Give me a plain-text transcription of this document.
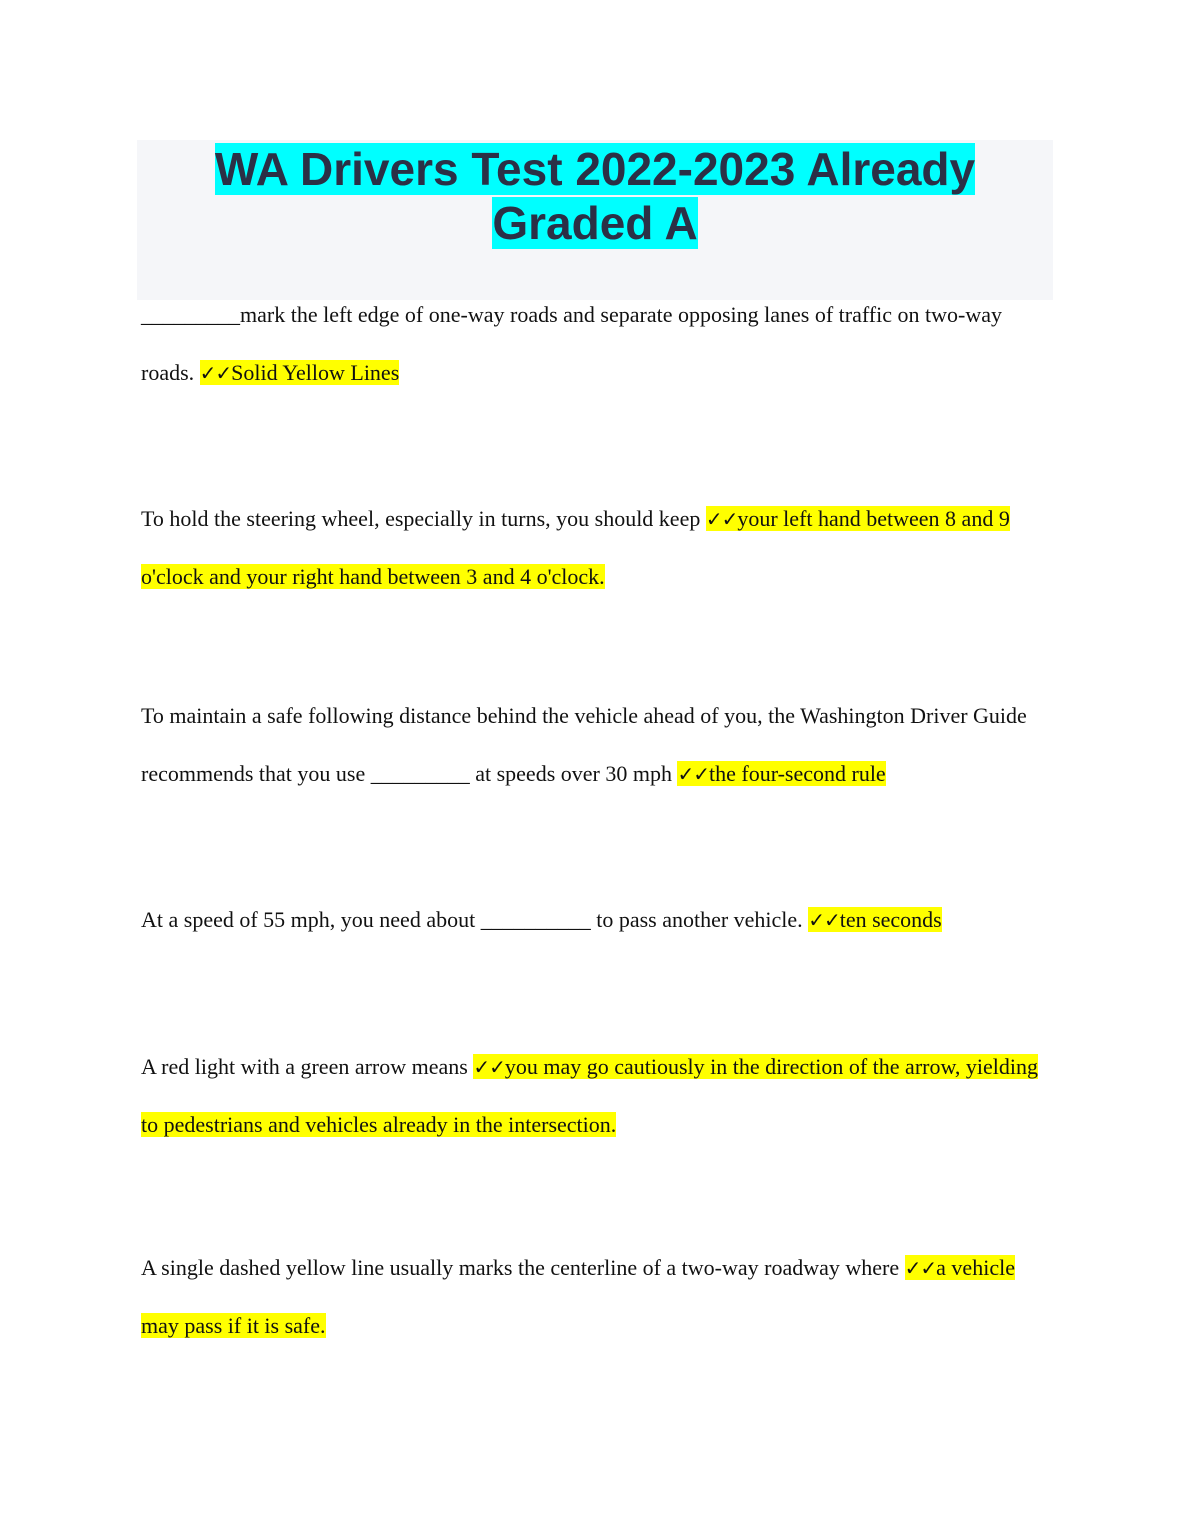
WA Drivers Test 2022-2023 Already Graded A

_________mark the left edge of one-way roads and separate opposing lanes of traffic on two-way roads. ✓✓Solid Yellow Lines

To hold the steering wheel, especially in turns, you should keep ✓✓your left hand between 8 and 9 o'clock and your right hand between 3 and 4 o'clock.

To maintain a safe following distance behind the vehicle ahead of you, the Washington Driver Guide recommends that you use _________ at speeds over 30 mph ✓✓the four-second rule

At a speed of 55 mph, you need about __________ to pass another vehicle. ✓✓ten seconds

A red light with a green arrow means ✓✓you may go cautiously in the direction of the arrow, yielding to pedestrians and vehicles already in the intersection.

A single dashed yellow line usually marks the centerline of a two-way roadway where ✓✓a vehicle may pass if it is safe.
